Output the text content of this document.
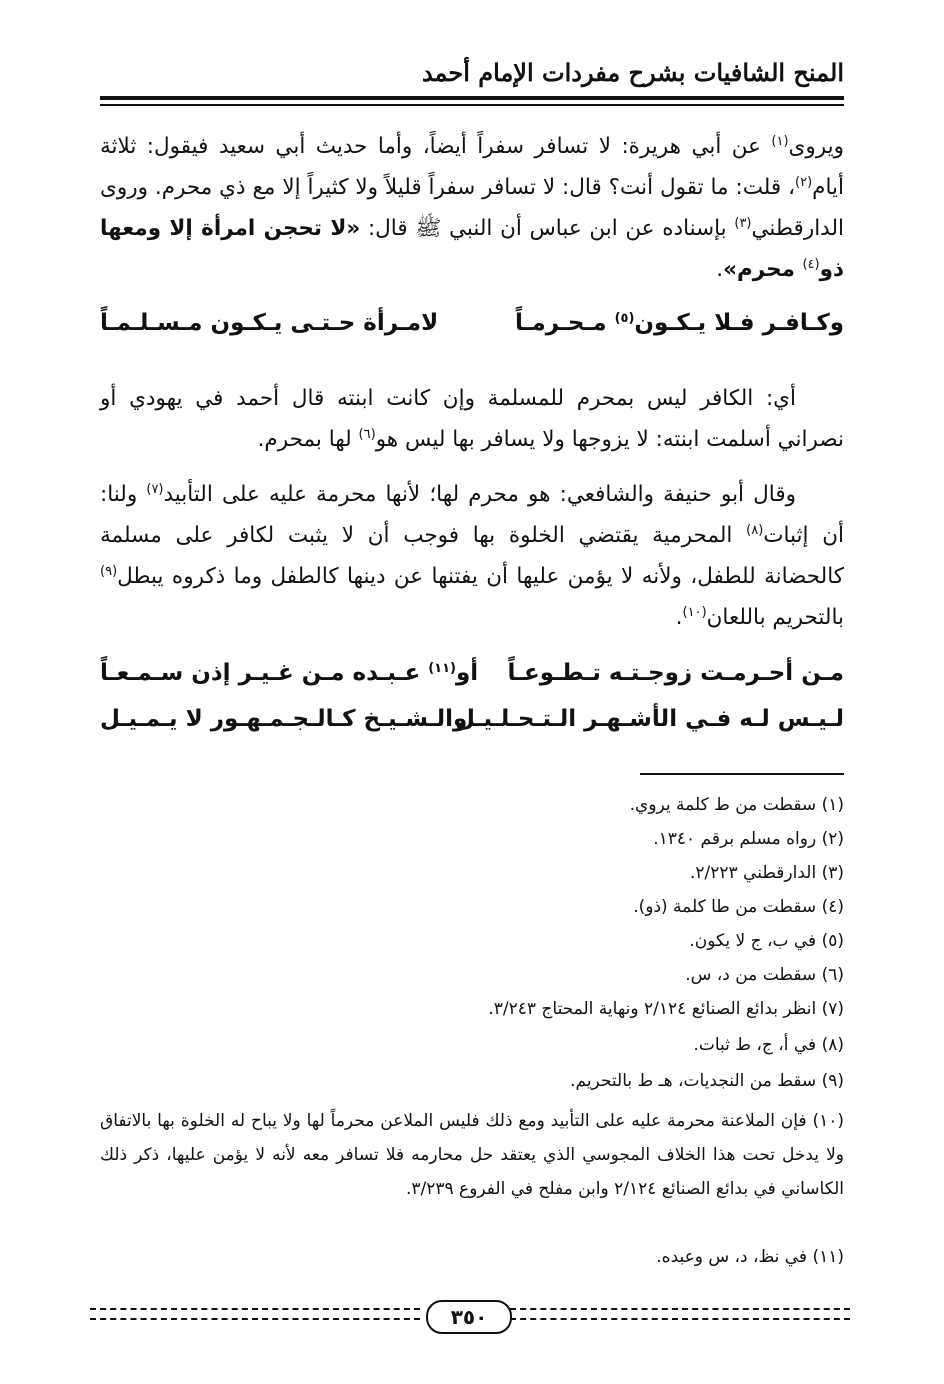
المنح الشافيات بشرح مفردات الإمام أحمد
ويروى$^{(١)}$ عن أبي هريرة: لا تسافر سفراً أيضاً، وأما حديث أبي سعيد فيقول: ثلاثة أيام$^{(٢)}$، قلت: ما تقول أنت؟ قال: لا تسافر سفراً قليلاً ولا كثيراً إلا مع ذي محرم. وروى الدارقطني$^{(٣)}$ بإسناده عن ابن عباس أن النبي ﷺ قال: «لا تحجن امرأة إلا ومعها ذو$^{(٤)}$ محرم».
وكـافـر فـلا يـكـون$^{(٥)}$ مـحـرمـاً
لامـرأة حـتـى يـكـون مـسـلـمـاً
أي: الكافر ليس بمحرم للمسلمة وإن كانت ابنته قال أحمد في يهودي أو نصراني أسلمت ابنته: لا يزوجها ولا يسافر بها ليس هو$^{(٦)}$ لها بمحرم.
وقال أبو حنيفة والشافعي: هو محرم لها؛ لأنها محرمة عليه على التأبيد$^{(٧)}$ ولنا: أن إثبات$^{(٨)}$ المحرمية يقتضي الخلوة بها فوجب أن لا يثبت لكافر على مسلمة كالحضانة للطفل، ولأنه لا يؤمن عليها أن يفتنها عن دينها كالطفل وما ذكروه يبطل$^{(٩)}$ بالتحريم باللعان$^{(١٠)}$.
مـن أحـرمـت زوجـتـه تـطـوعـاً
أو$^{(١١)}$ عـبـده مـن غـيـر إذن سـمـعـاً
لـيـس لـه فـي الأشـهـر الـتـحـلـيـل
والـشـيـخ كـالـجـمـهـور لا يـمـيـل
(١) سقطت من ط كلمة يروي.
(٢) رواه مسلم برقم ١٣٤٠.
(٣) الدارقطني ٢/٢٢٣.
(٤) سقطت من طا كلمة (ذو).
(٥) في ب، ج لا يكون.
(٦) سقطت من د، س.
(٧) انظر بدائع الصنائع ٢/١٢٤ ونهاية المحتاج ٣/٢٤٣.
(٨) في أ، ج، ط ثبات.
(٩) سقط من النجديات، هـ ط بالتحريم.
(١٠) فإن الملاعنة محرمة عليه على التأبيد ومع ذلك فليس الملاعن محرماً لها ولا يباح له الخلوة بها بالاتفاق ولا يدخل تحت هذا الخلاف المجوسي الذي يعتقد حل محارمه فلا تسافر معه لأنه لا يؤمن عليها، ذكر ذلك الكاساني في بدائع الصنائع ٢/١٢٤ وابن مفلح في الفروع ٣/٢٣٩.
(١١) في نظ، د، س وعبده.
٣٥٠
